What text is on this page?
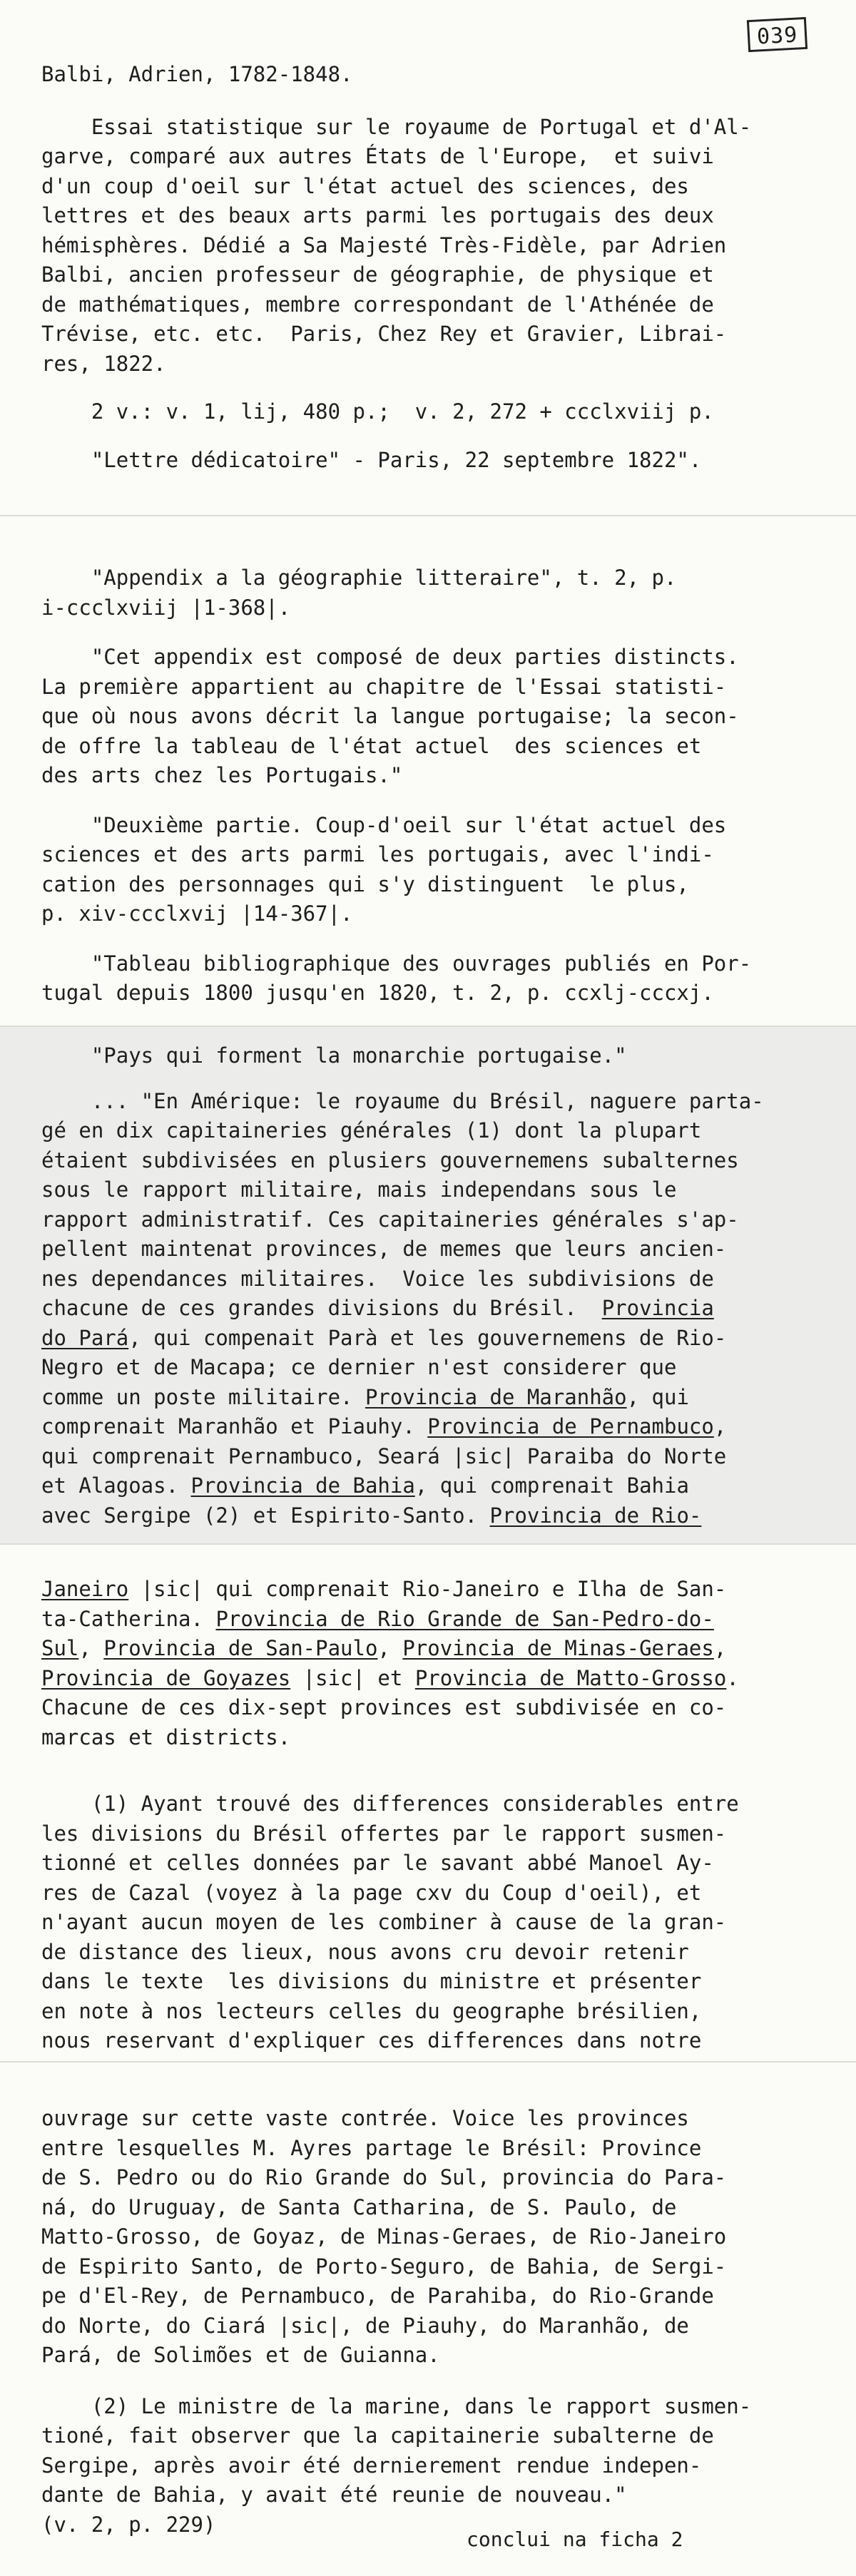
039

Balbi, Adrien, 1782-1848.

Essai statistique sur le royaume de Portugal et d'Al-

garve, comparé aux autres États de l'Europe,  et suivi

d'un coup d'oeil sur l'état actuel des sciences, des

lettres et des beaux arts parmi les portugais des deux

hémisphères. Dédié a Sa Majesté Très-Fidèle, par Adrien

Balbi, ancien professeur de géographie, de physique et

de mathématiques, membre correspondant de l'Athénée de

Trévise, etc. etc.  Paris, Chez Rey et Gravier, Librai-

res, 1822.

2 v.: v. 1, lij, 480 p.;  v. 2, 272 + ccclxviij p.

"Lettre dédicatoire" - Paris, 22 septembre 1822".

"Appendix a la géographie litteraire", t. 2, p.

i-ccclxviij |1-368|.

"Cet appendix est composé de deux parties distincts.

La première appartient au chapitre de l'Essai statisti-

que où nous avons décrit la langue portugaise; la secon-

de offre la tableau de l'état actuel  des sciences et

des arts chez les Portugais."

"Deuxième partie. Coup-d'oeil sur l'état actuel des

sciences et des arts parmi les portugais, avec l'indi-

cation des personnages qui s'y distinguent  le plus,

p. xiv-ccclxvij |14-367|.

"Tableau bibliographique des ouvrages publiés en Por-

tugal depuis 1800 jusqu'en 1820, t. 2, p. ccxlj-cccxj.

"Pays qui forment la monarchie portugaise."

... "En Amérique: le royaume du Brésil, naguere parta-

gé en dix capitaineries générales (1) dont la plupart

étaient subdivisées en plusiers gouvernemens subalternes

sous le rapport militaire, mais independans sous le

rapport administratif. Ces capitaineries générales s'ap-

pellent maintenat provinces, de memes que leurs ancien-

nes dependances militaires.  Voice les subdivisions de

chacune de ces grandes divisions du Brésil.  Provincia

do Pará, qui compenait Parà et les gouvernemens de Rio-

Negro et de Macapa; ce dernier n'est considerer que

comme un poste militaire. Provincia de Maranhão, qui

comprenait Maranhão et Piauhy. Provincia de Pernambuco,

qui comprenait Pernambuco, Seará |sic| Paraiba do Norte

et Alagoas. Provincia de Bahia, qui comprenait Bahia

avec Sergipe (2) et Espirito-Santo. Provincia de Rio-

Janeiro |sic| qui comprenait Rio-Janeiro e Ilha de San-

ta-Catherina. Provincia de Rio Grande de San-Pedro-do-

Sul, Provincia de San-Paulo, Provincia de Minas-Geraes,

Provincia de Goyazes |sic| et Provincia de Matto-Grosso.

Chacune de ces dix-sept provinces est subdivisée en co-

marcas et districts.

(1) Ayant trouvé des differences considerables entre

les divisions du Brésil offertes par le rapport susmen-

tionné et celles données par le savant abbé Manoel Ay-

res de Cazal (voyez à la page cxv du Coup d'oeil), et

n'ayant aucun moyen de les combiner à cause de la gran-

de distance des lieux, nous avons cru devoir retenir

dans le texte  les divisions du ministre et présenter

en note à nos lecteurs celles du geographe brésilien,

nous reservant d'expliquer ces differences dans notre

ouvrage sur cette vaste contrée. Voice les provinces

entre lesquelles M. Ayres partage le Brésil: Province

de S. Pedro ou do Rio Grande do Sul, provincia do Para-

ná, do Uruguay, de Santa Catharina, de S. Paulo, de

Matto-Grosso, de Goyaz, de Minas-Geraes, de Rio-Janeiro

de Espirito Santo, de Porto-Seguro, de Bahia, de Sergi-

pe d'El-Rey, de Pernambuco, de Parahiba, do Rio-Grande

do Norte, do Ciará |sic|, de Piauhy, do Maranhão, de

Pará, de Solimões et de Guianna.

(2) Le ministre de la marine, dans le rapport susmen-

tioné, fait observer que la capitainerie subalterne de

Sergipe, après avoir été dernierement rendue indepen-

dante de Bahia, y avait été reunie de nouveau."

(v. 2, p. 229)

conclui na ficha 2
